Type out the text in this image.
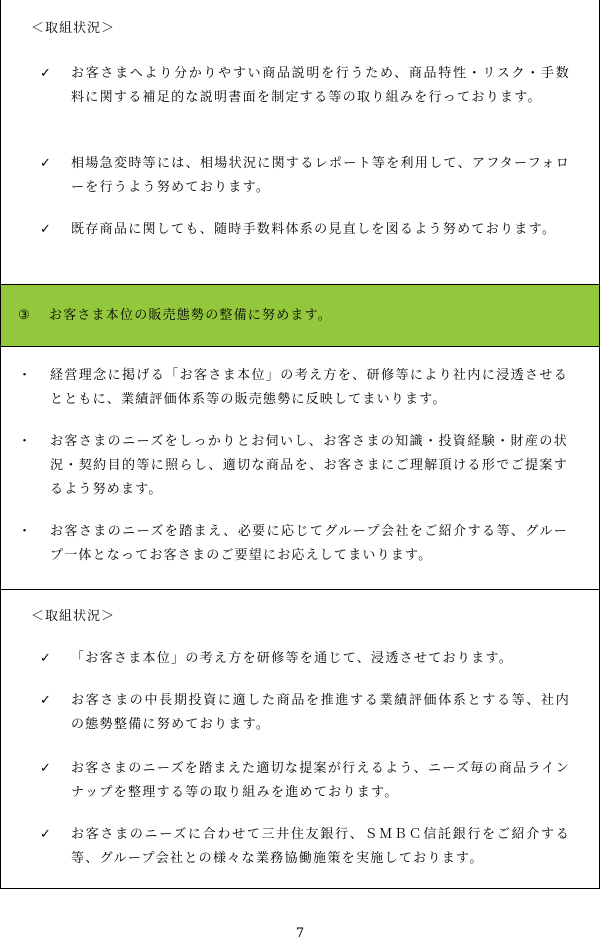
＜取組状況＞
✓ お客さまへより分かりやすい商品説明を行うため、商品特性・リスク・手数料に関する補足的な説明書面を制定する等の取り組みを行っております。
✓ 相場急変時等には、相場状況に関するレポート等を利用して、アフターフォローを行うよう努めております。
✓ 既存商品に関しても、随時手数料体系の見直しを図るよう努めております。
③ お客さま本位の販売態勢の整備に努めます。
・ 経営理念に掲げる「お客さま本位」の考え方を、研修等により社内に浸透させるとともに、業績評価体系等の販売態勢に反映してまいります。
・ お客さまのニーズをしっかりとお伺いし、お客さまの知識・投資経験・財産の状況・契約目的等に照らし、適切な商品を、お客さまにご理解頂ける形でご提案するよう努めます。
・ お客さまのニーズを踏まえ、必要に応じてグループ会社をご紹介する等、グループ一体となってお客さまのご要望にお応えしてまいります。
＜取組状況＞
✓ 「お客さま本位」の考え方を研修等を通じて、浸透させております。
✓ お客さまの中長期投資に適した商品を推進する業績評価体系とする等、社内の態勢整備に努めております。
✓ お客さまのニーズを踏まえた適切な提案が行えるよう、ニーズ毎の商品ラインナップを整理する等の取り組みを進めております。
✓ お客さまのニーズに合わせて三井住友銀行、ＳＭＢＣ信託銀行をご紹介する等、グループ会社との様々な業務協働施策を実施しております。
7
